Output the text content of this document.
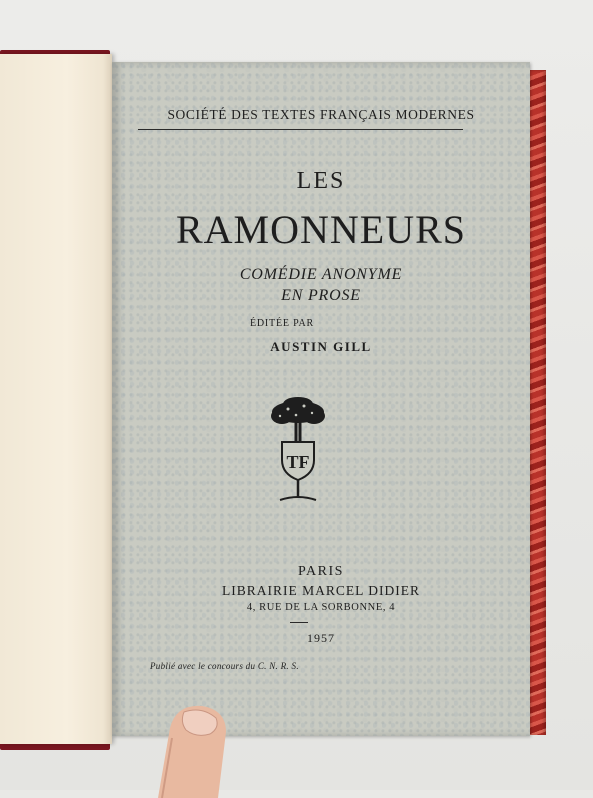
SOCIÉTÉ DES TEXTES FRANÇAIS MODERNES
LES
RAMONNEURS
COMÉDIE ANONYME
EN PROSE
ÉDITÉE PAR
AUSTIN GILL
TF
PARIS
LIBRAIRIE MARCEL DIDIER
4, RUE DE LA SORBONNE, 4
1957
Publié avec le concours du C. N. R. S.
